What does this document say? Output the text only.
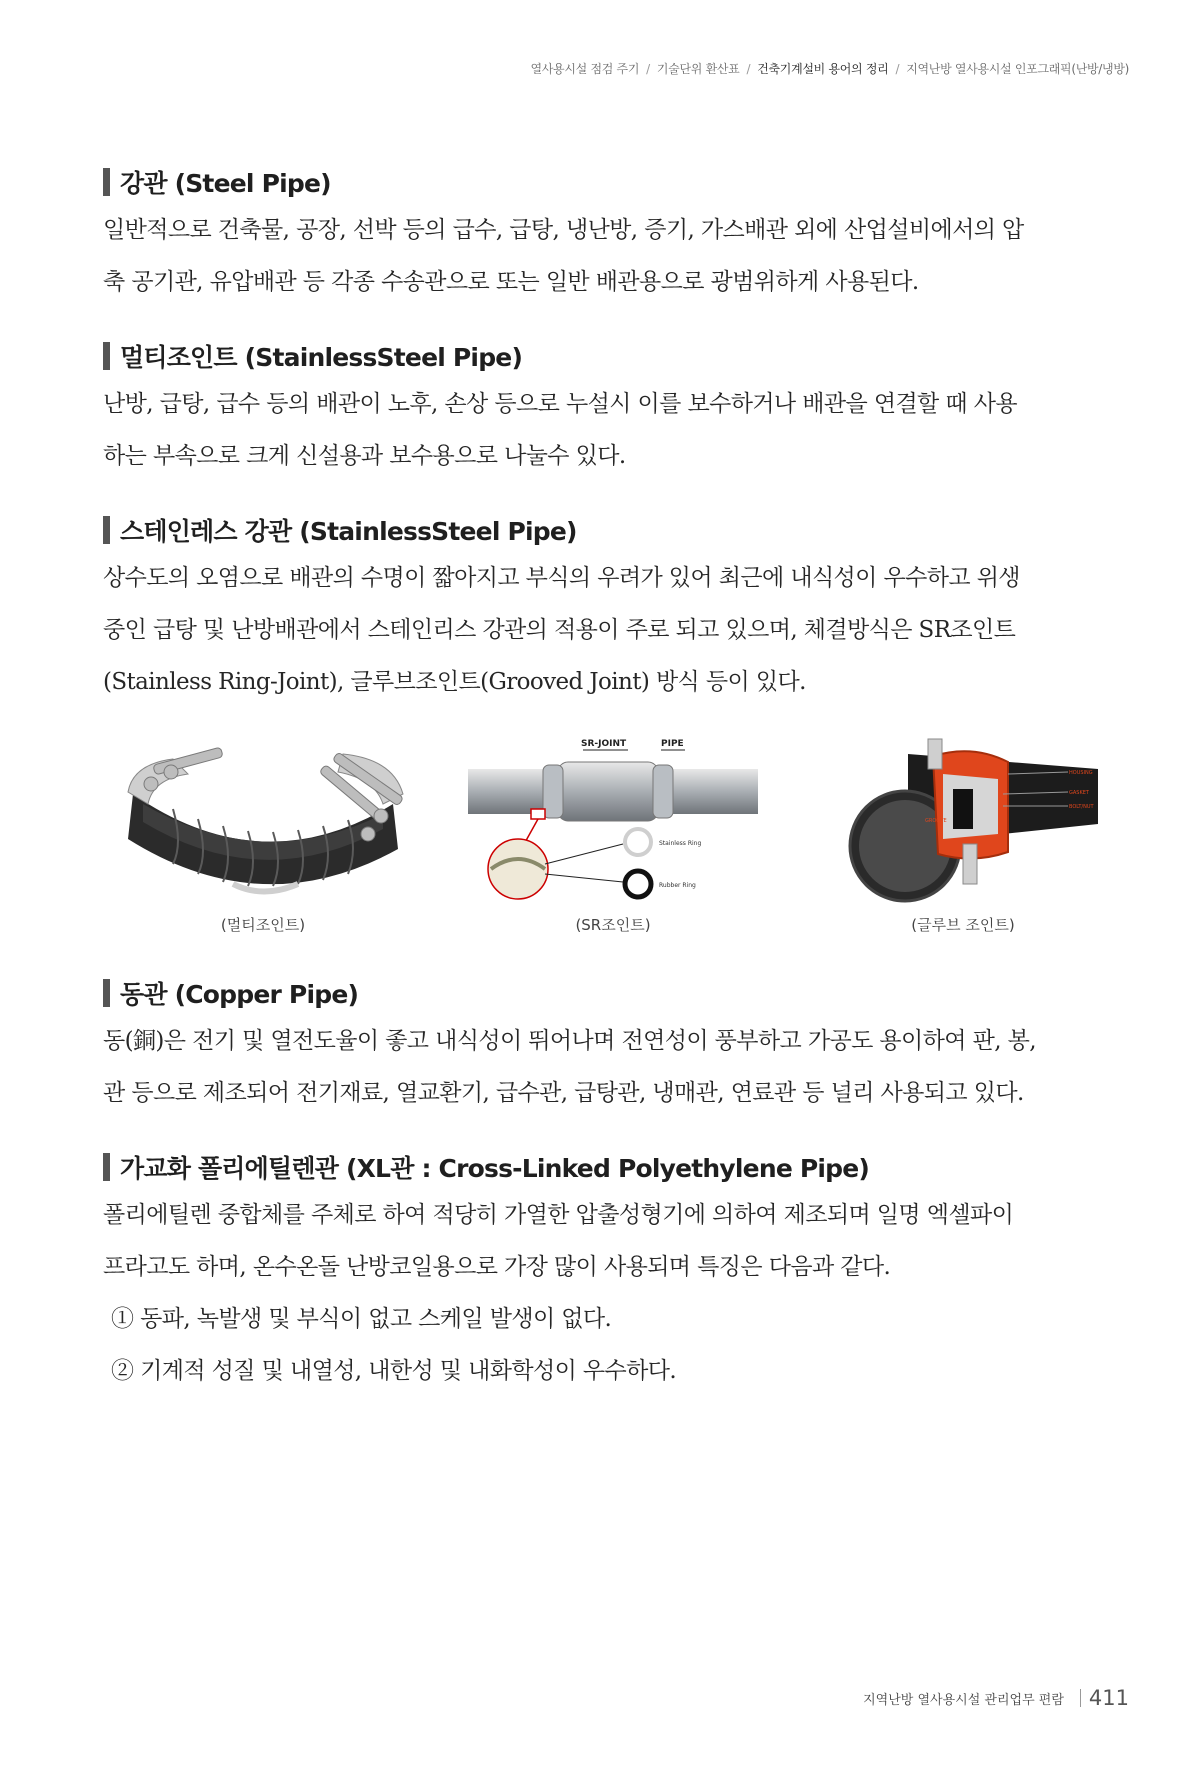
열사용시설 점검 주기 / 기술단위 환산표 / 건축기계설비 용어의 정리 / 지역난방 열사용시설 인포그래픽(난방/냉방)
강관 (Steel Pipe)

일반적으로 건축물, 공장, 선박 등의 급수, 급탕, 냉난방, 증기, 가스배관 외에 산업설비에서의 압

축 공기관, 유압배관 등 각종 수송관으로 또는 일반 배관용으로 광범위하게 사용된다.

멀티조인트 (StainlessSteel Pipe)

난방, 급탕, 급수 등의 배관이 노후, 손상 등으로 누설시 이를 보수하거나 배관을 연결할 때 사용

하는 부속으로 크게 신설용과 보수용으로 나눌수 있다.

스테인레스 강관 (StainlessSteel Pipe)

상수도의 오염으로 배관의 수명이 짧아지고 부식의 우려가 있어 최근에 내식성이 우수하고 위생

중인 급탕 및 난방배관에서 스테인리스 강관의 적용이 주로 되고 있으며, 체결방식은 SR조인트

(Stainless Ring-Joint), 글루브조인트(Grooved Joint) 방식 등이 있다.

(멀티조인트)
SR-JOINT	PIPE
Stainless Ring
Rubber Ring
(SR조인트)
HOUSING
GASKET
BOLT/NUT
GROOVE
(글루브 조인트)
동관 (Copper Pipe)

동(銅)은 전기 및 열전도율이 좋고 내식성이 뛰어나며 전연성이 풍부하고 가공도 용이하여 판, 봉,

관 등으로 제조되어 전기재료, 열교환기, 급수관, 급탕관, 냉매관, 연료관 등 널리 사용되고 있다.

가교화 폴리에틸렌관 (XL관 : Cross-Linked Polyethylene Pipe)

폴리에틸렌 중합체를 주체로 하여 적당히 가열한 압출성형기에 의하여 제조되며 일명 엑셀파이

프라고도 하며, 온수온돌 난방코일용으로 가장 많이 사용되며 특징은 다음과 같다.

① 동파, 녹발생 및 부식이 없고 스케일 발생이 없다.
② 기계적 성질 및 내열성, 내한성 및 내화학성이 우수하다.
지역난방 열사용시설 관리업무 편람 411
